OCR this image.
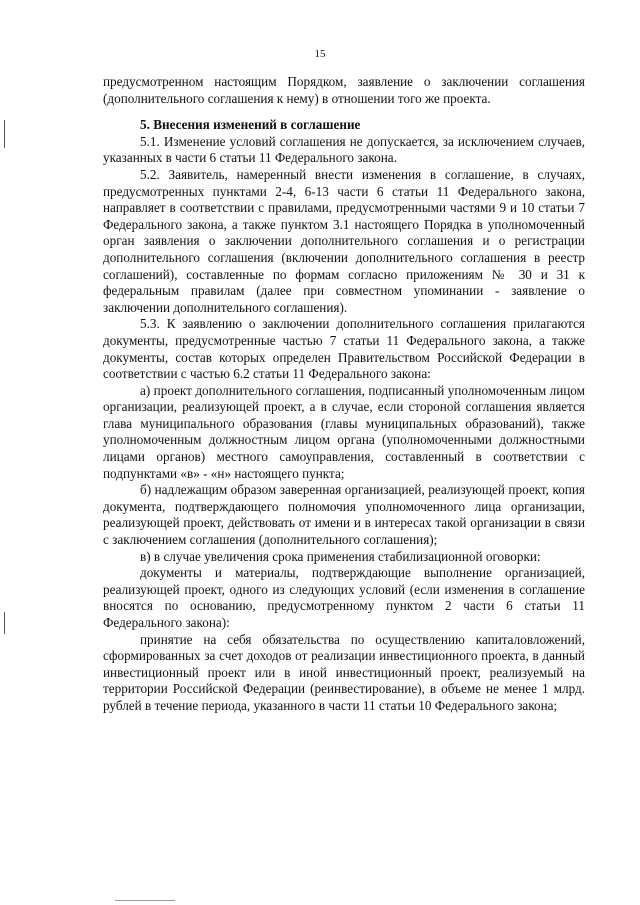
15

предусмотренном настоящим Порядком, заявление о заключении соглашения (дополнительного соглашения к нему) в отношении того же проекта.

5. Внесения изменений в соглашение

5.1. Изменение условий соглашения не допускается, за исключением случаев, указанных в части 6 статьи 11 Федерального закона.

5.2. Заявитель, намеренный внести изменения в соглашение, в случаях, предусмотренных пунктами 2-4, 6-13 части 6 статьи 11 Федерального закона, направляет в соответствии с правилами, предусмотренными частями 9 и 10 статьи 7 Федерального закона, а также пунктом 3.1 настоящего Порядка в уполномоченный орган заявления о заключении дополнительного соглашения и о регистрации дополнительного соглашения (включении дополнительного соглашения в реестр соглашений), составленные по формам согласно приложениям № 30 и 31 к федеральным правилам (далее при совместном упоминании - заявление о заключении дополнительного соглашения).

5.3. К заявлению о заключении дополнительного соглашения прилагаются документы, предусмотренные частью 7 статьи 11 Федерального закона, а также документы, состав которых определен Правительством Российской Федерации в соответствии с частью 6.2 статьи 11 Федерального закона:

а) проект дополнительного соглашения, подписанный уполномоченным лицом организации, реализующей проект, а в случае, если стороной соглашения является глава муниципального образования (главы муниципальных образований), также уполномоченным должностным лицом органа (уполномоченными должностными лицами органов) местного самоуправления, составленный в соответствии с подпунктами «в» - «н» настоящего пункта;

б) надлежащим образом заверенная организацией, реализующей проект, копия документа, подтверждающего полномочия уполномоченного лица организации, реализующей проект, действовать от имени и в интересах такой организации в связи с заключением соглашения (дополнительного соглашения);

в) в случае увеличения срока применения стабилизационной оговорки:

документы и материалы, подтверждающие выполнение организацией, реализующей проект, одного из следующих условий (если изменения в соглашение вносятся по основанию, предусмотренному пунктом 2 части 6 статьи 11 Федерального закона):

принятие на себя обязательства по осуществлению капиталовложений, сформированных за счет доходов от реализации инвестиционного проекта, в данный инвестиционный проект или в иной инвестиционный проект, реализуемый на территории Российской Федерации (реинвестирование), в объеме не менее 1 млрд. рублей в течение периода, указанного в части 11 статьи 10 Федерального закона;
